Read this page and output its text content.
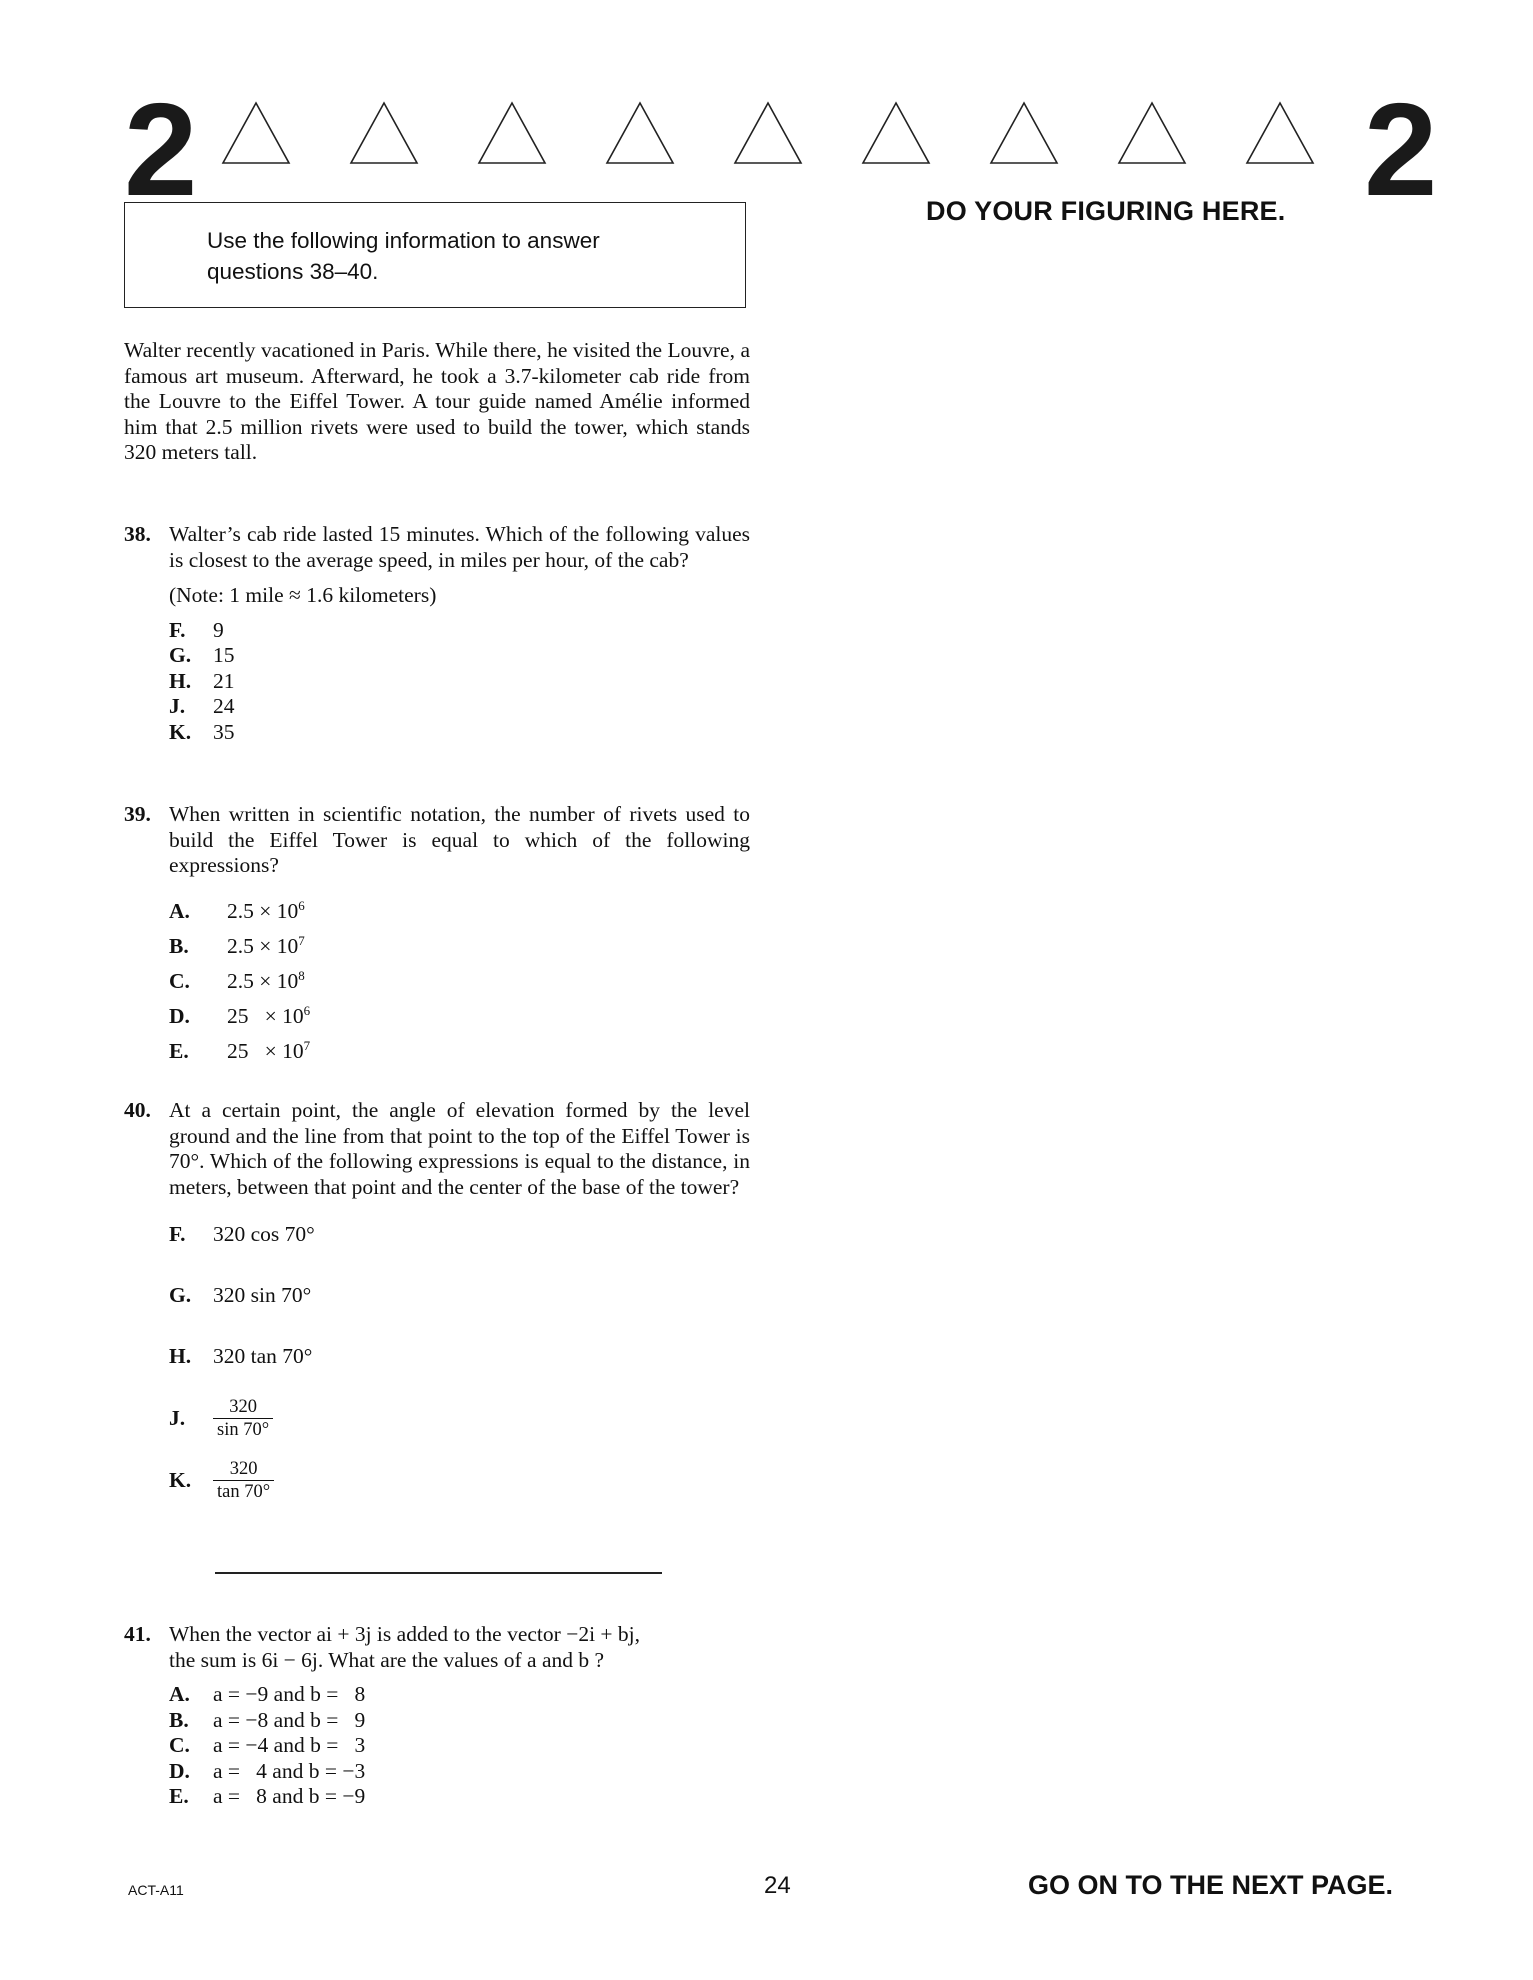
2	2
DO YOUR FIGURING HERE.
Use the following information to answer
questions 38–40.
Walter recently vacationed in Paris. While there, he visited the Louvre, a famous art museum. Afterward, he took a 3.7-kilometer cab ride from the Louvre to the Eiffel Tower. A tour guide named Amélie informed him that 2.5 million rivets were used to build the tower, which stands 320 meters tall.
38. Walter’s cab ride lasted 15 minutes. Which of the following values is closest to the average speed, in miles per hour, of the cab?
(Note: 1 mile ≈ 1.6 kilometers)
F. 9
G. 15
H. 21
J. 24
K. 35
39. When written in scientific notation, the number of rivets used to build the Eiffel Tower is equal to which of the following expressions?
A. $2.5 \times 10^6$
B. $2.5 \times 10^7$
C. $2.5 \times 10^8$
D. $25 \times 10^6$
E. $25 \times 10^7$
40. At a certain point, the angle of elevation formed by the level ground and the line from that point to the top of the Eiffel Tower is 70°. Which of the following expressions is equal to the distance, in meters, between that point and the center of the base of the tower?
F. 320 cos 70°
G. 320 sin 70°
H. 320 tan 70°
J. $\frac{320}{\sin 70^\circ}$
K. $\frac{320}{\tan 70^\circ}$
41. When the vector ai + 3j is added to the vector −2i + bj,
the sum is 6i − 6j. What are the values of a and b ?
A. a = −9 and b =   8
B. a = −8 and b =   9
C. a = −4 and b =   3
D. a =   4 and b = −3
E. a =   8 and b = −9
ACT-A11	24	GO ON TO THE NEXT PAGE.
